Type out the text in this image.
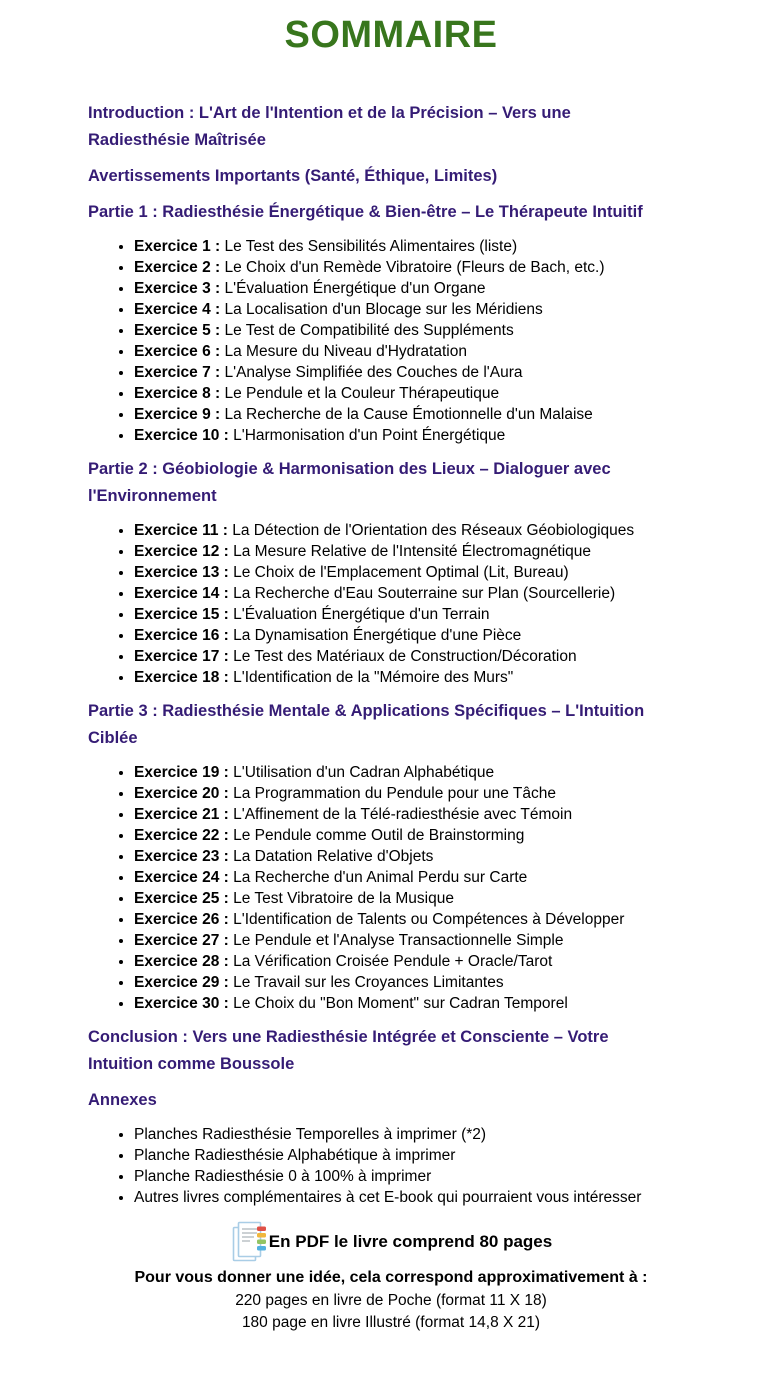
SOMMAIRE
Introduction : L'Art de l'Intention et de la Précision – Vers une
Radiesthésie Maîtrisée
Avertissements Importants (Santé, Éthique, Limites)
Partie 1 : Radiesthésie Énergétique & Bien-être – Le Thérapeute Intuitif
• Exercice 1 : Le Test des Sensibilités Alimentaires (liste)
• Exercice 2 : Le Choix d'un Remède Vibratoire (Fleurs de Bach, etc.)
• Exercice 3 : L'Évaluation Énergétique d'un Organe
• Exercice 4 : La Localisation d'un Blocage sur les Méridiens
• Exercice 5 : Le Test de Compatibilité des Suppléments
• Exercice 6 : La Mesure du Niveau d'Hydratation
• Exercice 7 : L'Analyse Simplifiée des Couches de l'Aura
• Exercice 8 : Le Pendule et la Couleur Thérapeutique
• Exercice 9 : La Recherche de la Cause Émotionnelle d'un Malaise
• Exercice 10 : L'Harmonisation d'un Point Énergétique
Partie 2 : Géobiologie & Harmonisation des Lieux – Dialoguer avec
l'Environnement
• Exercice 11 : La Détection de l'Orientation des Réseaux Géobiologiques
• Exercice 12 : La Mesure Relative de l'Intensité Électromagnétique
• Exercice 13 : Le Choix de l'Emplacement Optimal (Lit, Bureau)
• Exercice 14 : La Recherche d'Eau Souterraine sur Plan (Sourcellerie)
• Exercice 15 : L'Évaluation Énergétique d'un Terrain
• Exercice 16 : La Dynamisation Énergétique d'une Pièce
• Exercice 17 : Le Test des Matériaux de Construction/Décoration
• Exercice 18 : L'Identification de la "Mémoire des Murs"
Partie 3 : Radiesthésie Mentale & Applications Spécifiques – L'Intuition
Ciblée
• Exercice 19 : L'Utilisation d'un Cadran Alphabétique
• Exercice 20 : La Programmation du Pendule pour une Tâche
• Exercice 21 : L'Affinement de la Télé-radiesthésie avec Témoin
• Exercice 22 : Le Pendule comme Outil de Brainstorming
• Exercice 23 : La Datation Relative d'Objets
• Exercice 24 : La Recherche d'un Animal Perdu sur Carte
• Exercice 25 : Le Test Vibratoire de la Musique
• Exercice 26 : L'Identification de Talents ou Compétences à Développer
• Exercice 27 : Le Pendule et l'Analyse Transactionnelle Simple
• Exercice 28 : La Vérification Croisée Pendule + Oracle/Tarot
• Exercice 29 : Le Travail sur les Croyances Limitantes
• Exercice 30 : Le Choix du "Bon Moment" sur Cadran Temporel
Conclusion : Vers une Radiesthésie Intégrée et Consciente – Votre
Intuition comme Boussole
Annexes
• Planches Radiesthésie Temporelles à imprimer (*2)
• Planche Radiesthésie Alphabétique à imprimer
• Planche Radiesthésie 0 à 100% à imprimer
• Autres livres complémentaires à cet E-book qui pourraient vous intéresser
En PDF le livre comprend 80 pages
Pour vous donner une idée, cela correspond approximativement à :
220 pages en livre de Poche (format 11 X 18)
180 page en livre Illustré (format 14,8 X 21)
